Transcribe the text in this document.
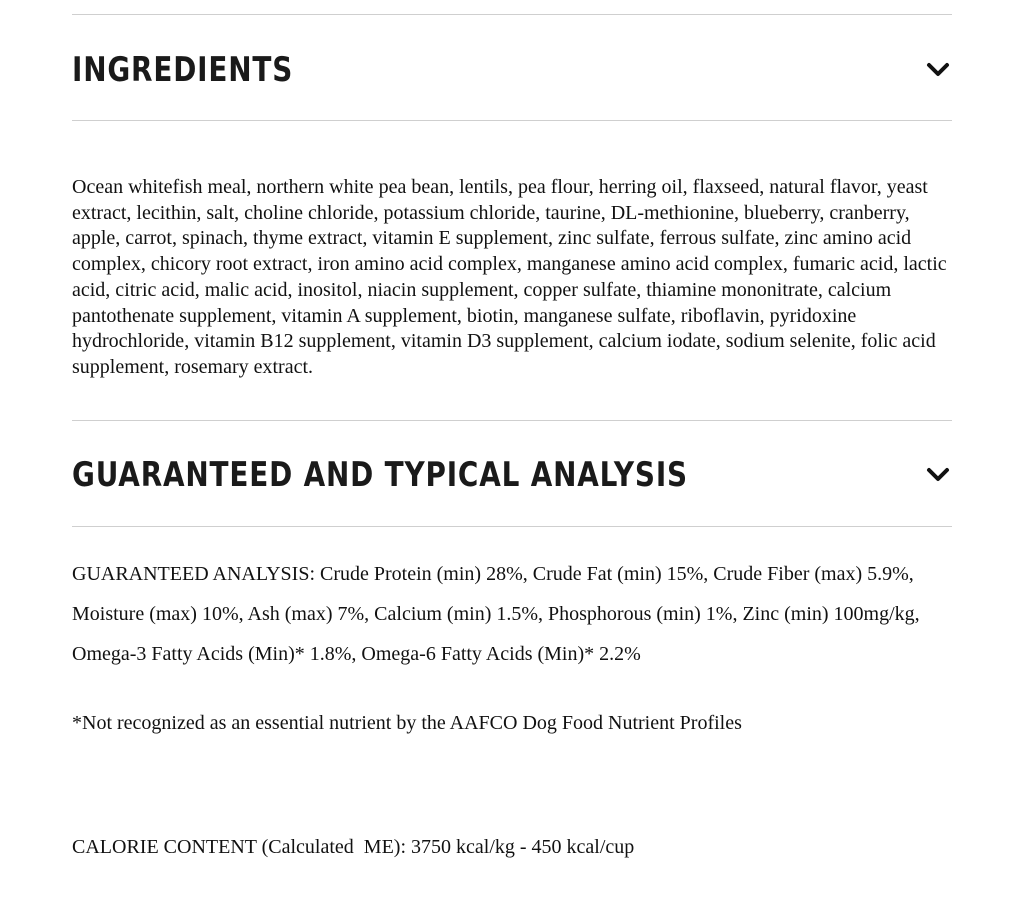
INGREDIENTS

Ocean whitefish meal, northern white pea bean, lentils, pea flour, herring oil, flaxseed, natural flavor, yeast extract, lecithin, salt, choline chloride, potassium chloride, taurine, DL-methionine, blueberry, cranberry, apple, carrot, spinach, thyme extract, vitamin E supplement, zinc sulfate, ferrous sulfate, zinc amino acid complex, chicory root extract, iron amino acid complex, manganese amino acid complex, fumaric acid, lactic acid, citric acid, malic acid, inositol, niacin supplement, copper sulfate, thiamine mononitrate, calcium pantothenate supplement, vitamin A supplement, biotin, manganese sulfate, riboflavin, pyridoxine hydrochloride, vitamin B12 supplement, vitamin D3 supplement, calcium iodate, sodium selenite, folic acid supplement, rosemary extract.

GUARANTEED AND TYPICAL ANALYSIS

GUARANTEED ANALYSIS: Crude Protein (min) 28%, Crude Fat (min) 15%, Crude Fiber (max) 5.9%, Moisture (max) 10%, Ash (max) 7%, Calcium (min) 1.5%, Phosphorous (min) 1%, Zinc (min) 100mg/kg, Omega-3 Fatty Acids (Min)* 1.8%, Omega-6 Fatty Acids (Min)* 2.2%

*Not recognized as an essential nutrient by the AAFCO Dog Food Nutrient Profiles

CALORIE CONTENT (Calculated  ME): 3750 kcal/kg - 450 kcal/cup
